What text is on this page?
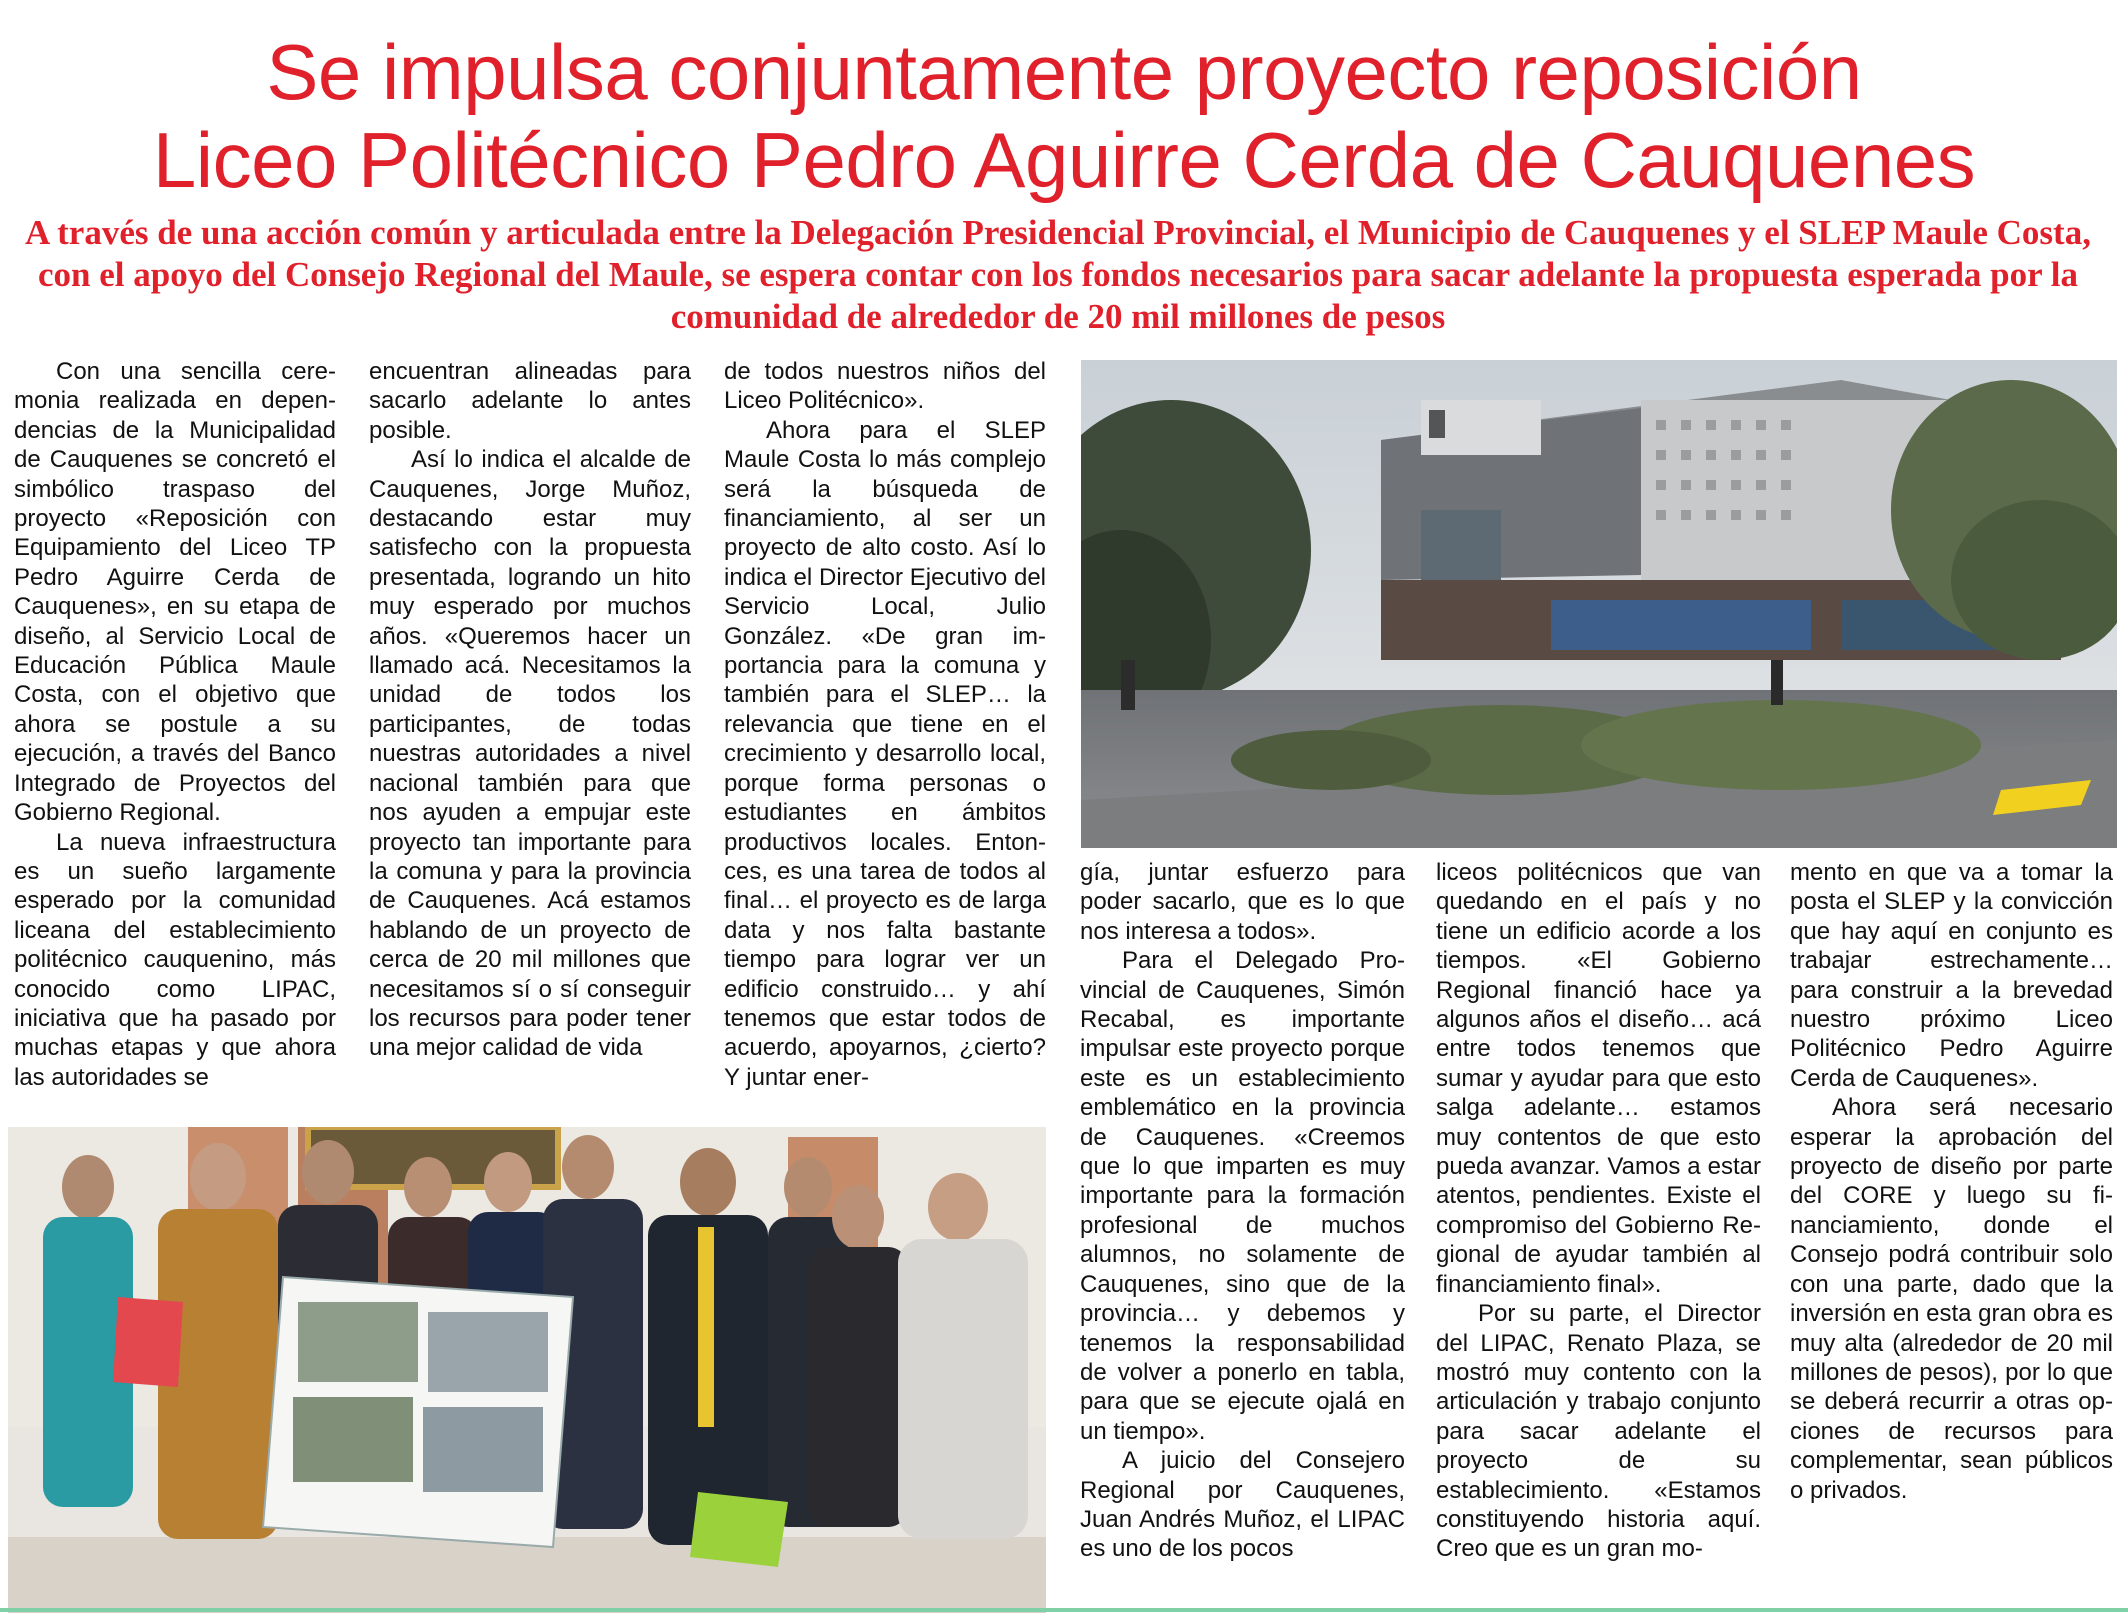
Se impulsa conjuntamente proyecto reposición
Liceo Politécnico Pedro Aguirre Cerda de Cauquenes
A través de una acción común y articulada entre la Delegación Presidencial Provincial, el Municipio de Cauquenes y el SLEP Maule Costa, con el apoyo del Consejo Regional del Maule, se espera contar con los fondos necesarios para sacar adelante la propuesta esperada por la comunidad de alrededor de 20 mil millones de pesos

Con una sencilla ceremonia realizada en dependencias de la Municipalidad de Cauquenes se concretó el simbólico traspaso del proyecto «Reposición con Equipamiento del Liceo TP Pedro Aguirre Cerda de Cauquenes», en su etapa de diseño, al Servicio Local de Educación Pública Maule Costa, con el objetivo que ahora se postule a su ejecución, a través del Banco Integrado de Proyectos del Gobierno Regional.

La nueva infraestructura es un sueño largamente esperado por la comunidad liceana del establecimiento politécnico cauquenino, más conocido como LIPAC, iniciativa que ha pasado por muchas etapas y que ahora las autoridades se

encuentran alineadas para sacarlo adelante lo antes posible.

Así lo indica el alcalde de Cauquenes, Jorge Muñoz, destacando estar muy satisfecho con la propuesta presentada, logrando un hito muy esperado por muchos años. «Queremos hacer un llamado acá. Necesitamos la unidad de todos los participantes, de todas nuestras autoridades a nivel nacional también para que nos ayuden a empujar este proyecto tan importante para la comuna y para la provincia de Cauquenes. Acá estamos hablando de un proyecto de cerca de 20 mil millones que necesitamos sí o sí conseguir los recursos para poder tener una mejor calidad de vida

de todos nuestros niños del Liceo Politécnico».

Ahora para el SLEP Maule Costa lo más complejo será la búsqueda de financiamiento, al ser un proyecto de alto costo. Así lo indica el Director Ejecutivo del Servicio Local, Julio González. «De gran importancia para la comuna y también para el SLEP… la relevancia que tiene en el crecimiento y desarrollo local, porque forma personas o estudiantes en ámbitos productivos locales. Entonces, es una tarea de todos al final… el proyecto es de larga data y nos falta bastante tiempo para lograr ver un edificio construido… y ahí tenemos que estar todos de acuerdo, apoyarnos, ¿cierto? Y juntar ener-

gía, juntar esfuerzo para poder sacarlo, que es lo que nos interesa a todos».

Para el Delegado Provincial de Cauquenes, Simón Recabal, es importante impulsar este proyecto porque este es un establecimiento emblemático en la provincia de Cauquenes. «Creemos que lo que imparten es muy importante para la formación profesional de muchos alumnos, no solamente de Cauquenes, sino que de la provincia… y debemos y tenemos la responsabilidad de volver a ponerlo en tabla, para que se ejecute ojalá en un tiempo».

A juicio del Consejero Regional por Cauquenes, Juan Andrés Muñoz, el LIPAC es uno de los pocos

liceos politécnicos que van quedando en el país y no tiene un edificio acorde a los tiempos. «El Gobierno Regional financió hace ya algunos años el diseño… acá entre todos tenemos que sumar y ayudar para que esto salga adelante… estamos muy contentos de que esto pueda avanzar. Vamos a estar atentos, pendientes. Existe el compromiso del Gobierno Regional de ayudar también al financiamiento final».

Por su parte, el Director del LIPAC, Renato Plaza, se mostró muy contento con la articulación y trabajo conjunto para sacar adelante el proyecto de su establecimiento. «Estamos constituyendo historia aquí. Creo que es un gran mo-

mento en que va a tomar la posta el SLEP y la convicción que hay aquí en conjunto es trabajar estrechamente… para construir a la brevedad nuestro próximo Liceo Politécnico Pedro Aguirre Cerda de Cauquenes».

Ahora será necesario esperar la aprobación del proyecto de diseño por parte del CORE y luego su financiamiento, donde el Consejo podrá contribuir solo con una parte, dado que la inversión en esta gran obra es muy alta (alrededor de 20 mil millones de pesos), por lo que se deberá recurrir a otras opciones de recursos para complementar, sean públicos o privados.
